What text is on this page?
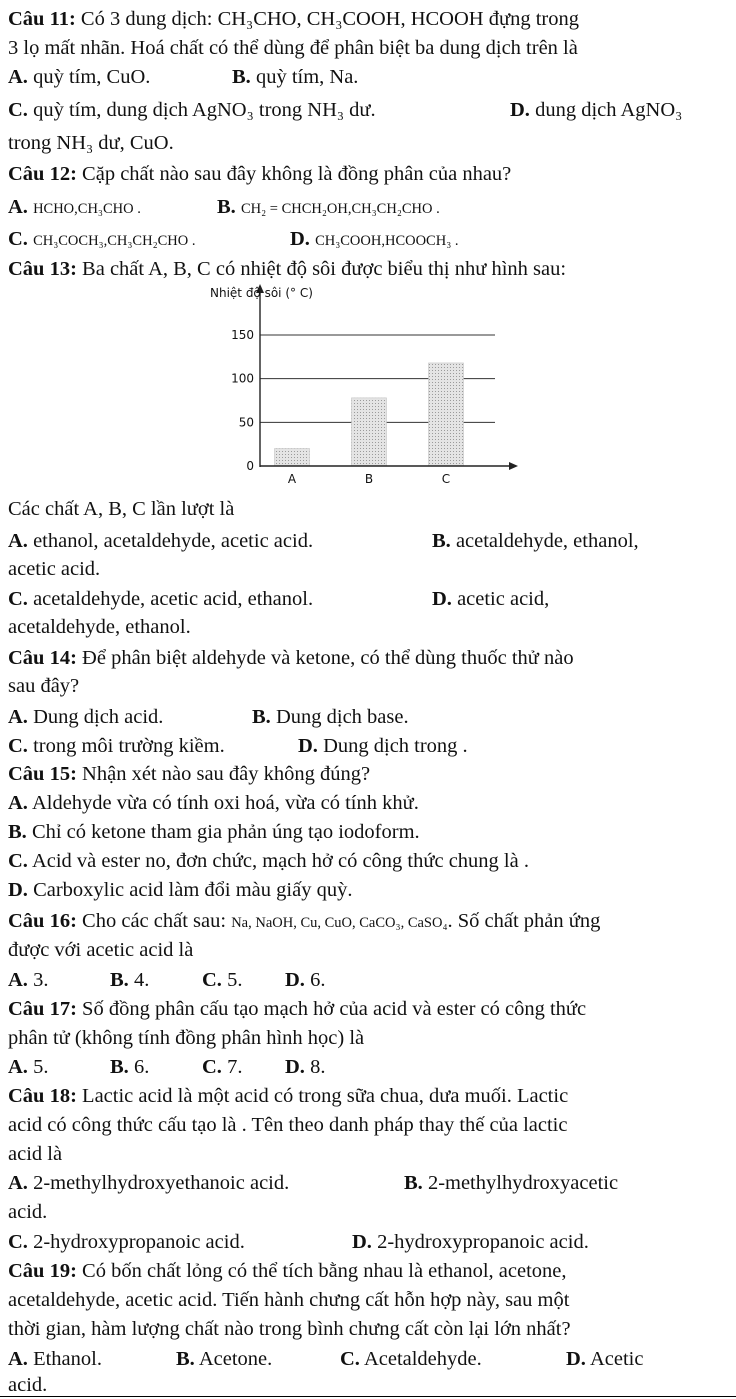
Câu 11: Có 3 dung dịch: CH₃CHO, CH₃COOH, HCOOH đựng trong
3 lọ mất nhãn. Hoá chất có thể dùng để phân biệt ba dung dịch trên là
A. quỳ tím, CuO.	B. quỳ tím, Na.
C. quỳ tím, dung dịch AgNO₃ trong NH₃ dư.	D. dung dịch AgNO₃
trong NH₃ dư, CuO.
Câu 12: Cặp chất nào sau đây không là đồng phân của nhau?
A. HCHO,CH₃CHO .	B. CH₂ = CHCH₂OH,CH₃CH₂CHO .
C. CH₃COCH₃,CH₃CH₂CHO .	D. CH₃COOH,HCOOCH₃ .
Câu 13: Ba chất A, B, C có nhiệt độ sôi được biểu thị như hình sau:
Nhiệt độ sôi (° C)
0
50
100
150
A	B	C
Các chất A, B, C lần lượt là
A. ethanol, acetaldehyde, acetic acid.	B. acetaldehyde, ethanol,
acetic acid.
C. acetaldehyde, acetic acid, ethanol.	D. acetic acid,
acetaldehyde, ethanol.
Câu 14: Để phân biệt aldehyde và ketone, có thể dùng thuốc thử nào
sau đây?
A. Dung dịch acid.	B. Dung dịch base.
C. trong môi trường kiềm.	D. Dung dịch trong .
Câu 15: Nhận xét nào sau đây không đúng?
A. Aldehyde vừa có tính oxi hoá, vừa có tính khử.
B. Chỉ có ketone tham gia phản úng tạo iodoform.
C. Acid và ester no, đơn chức, mạch hở có công thức chung là .
D. Carboxylic acid làm đổi màu giấy quỳ.
Câu 16: Cho các chất sau: Na, NaOH, Cu, CuO, CaCO₃, CaSO₄. Số chất phản ứng
được với acetic acid là
A. 3.	B. 4.	C. 5. D. 6.
Câu 17: Số đồng phân cấu tạo mạch hở của acid và ester có công thức
phân tử (không tính đồng phân hình học) là
A. 5.	B. 6.	C. 7. D. 8.
Câu 18: Lactic acid là một acid có trong sữa chua, dưa muối. Lactic
acid có công thức cấu tạo là . Tên theo danh pháp thay thế của lactic
acid là
A. 2-methylhydroxyethanoic acid.	B. 2-methylhydroxyacetic
acid.
C. 2-hydroxypropanoic acid.	D. 2-hydroxypropanoic acid.
Câu 19: Có bốn chất lỏng có thể tích bằng nhau là ethanol, acetone,
acetaldehyde, acetic acid. Tiến hành chưng cất hỗn hợp này, sau một
thời gian, hàm lượng chất nào trong bình chưng cất còn lại lớn nhất?
A. Ethanol.	B. Acetone.	C. Acetaldehyde.	D. Acetic
acid.
